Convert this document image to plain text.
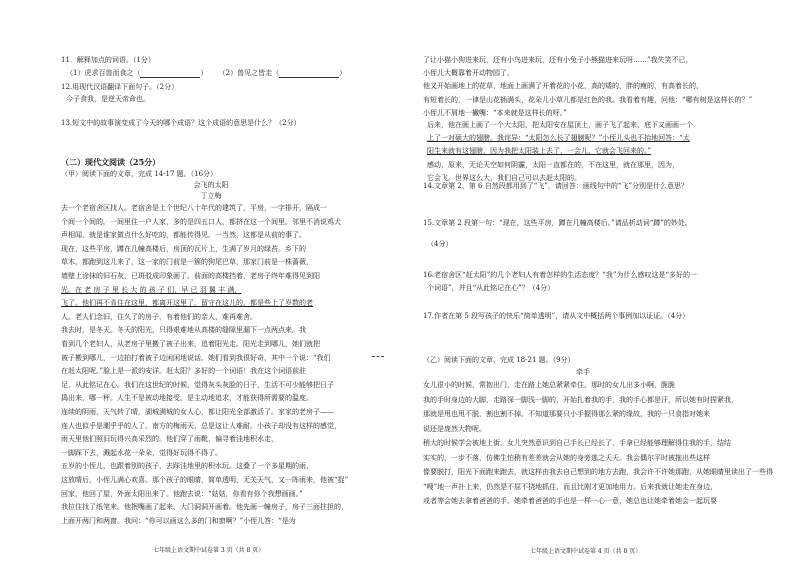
11．解释加点的词语。（1分）

（1）虎求百兽而食之（	） （2）兽见之皆走（	）

12.用现代汉语翻译下面句子。（2分）

今子食我，是逆天帝命也。

13.短文中的故事演变成了今天的哪个成语？这个成语的意思是什么？（2分）

（二）现代文阅读（25分）

（甲）阅读下面的文章，完成 14-17 题。（16分）

会飞的太阳

丁立梅

去一个老宿舍区找人。老宿舍是上个世纪八十年代的建筑了，平房，一字排开，隔成一

个间一个间的。一间里住一户人家，多的是四五口人，都挤在这一个间里。邻里不消说鸡犬

声相闻，就是谁家做点什么好吃的，都能传得见。一当然，这都是从前的事了。

现在，这些平房，蹲在几幢高楼后，房顶的瓦片上，生满了岁月的绿苔。乡下的

草木，都跑到这儿来了，这一家的门前是一簇的狗尾巴草，那家门前是一株蔷薇，

墙壁上涂抹的旧石灰，已斑驳成印象画了。前面的高楼挡着，老房子终年难得见到阳

光。在 老 房 子 里 长 大 的 孩 子 们，早 已 羽 翼 丰 满，

飞了。他们再不肯住在这里，都离开这里了。留守在这儿的，都是些上了岁数的老

人。老人们念旧，住久了的房子，有着他们的亲人，难再难舍。

我去时，是冬天。冬天的阳光，只得艰难地从高楼的缝隙里漏下一点两点来。我

看到几个老妇人，从老房子里搬了被子出来，追着阳光走。阳光走到哪儿，她们就把

被子搬到哪儿，一边拍打着被子边闲闲地说话。她们看到我很好奇，其中一个说：“我们

在赶太阳呢。”脸上是一派的安详。赶太阳？多好的一个词语！我在这个词语前驻

足，从此铭记在心。我们在这世纪的时候，觉得灰头灰脸的日子，生活不可少能够把日子

捣出来，哪一秤。人生不是被动地接受，是主动地追求，才能获得所需要的温度。

连续的阴雨，天气转了晴，湖城满城的女人心，都让阳光全部激活了。家家的老房子——

连人也似乎是潮乎乎的人了。南方的梅雨天，总是这让人难耐。小孩子却没有这样的感觉，

雨天里他们照旧玩得兴高采烈的。他们穿了雨靴，偏寻着洼地积水走，

一脚踩下去，溅起水花一朵朵，觉得好玩得不得了。

五岁的小侄儿，也跟着别的孩子，去踩洼地里的积水玩。这叠了一个多星期的雨，

这放晴后，小侄儿满心欢喜。那个孩子的眼睛，简单透明，无关天气，又一阵雨来，他被“捉”

回家，他回了屋，外面太阳出来了。他跑去说：“姑姑，你看有你个我想画画。”

我拉住找了纸笔来。他抿嘴画了起来，大门洞洞开画着。他先画一幢房子，房子三面拄担的，

上面开两门和两窗。我问：“你可以画这么多的门和窗啊？”小侄儿答：“是为

七年级上语文期中试卷第 3 页（共 8 页）

了让小猫小狗进来玩，还有小鸟进来玩，还有小兔子小熊猫进来玩呀……”我失笑不已，

小侄儿大概靠着开动物园了。

他又开始画地上的花草，地面上画满了开着花的小花，高的矮的，胖的瘦的，有高着长的，

有短着长的，一律是山花插满头，花朵儿小草儿都是红色的我。我看着有趣，问他：“哪有树是这样长的？”

小侄儿不屑地一撇嘴：“本来就是这样长的呀。”

后来，他在画上画了一个大太阳，把太阳安在屋顶上，画子飞了起来，底下又画画一个

上了一对硕大的翅膀。我诧异：“太阳怎么长了翅膀呢？”小侄儿头也不抬地回答：“太

阳生来就有这翅膀，因为我把太阳装上去了，一会儿，它就会飞回来的。”

感动，原来，无论天空如何阴霾，太阳一直都在的，不在这里，就在那里，因为，

它会飞。世界这么大，我们自己可以去赶太阳的。

14.文章第 2、第 6 自然段都用到了“飞”，请回答：画线句中的“飞”分别是什么意思？

15.文章第 2 段第一句：“现在，这些平房，蹲在几幢高楼后。”请品析动词“蹲”的妙处。

（4分）

16.老宿舍区“赶太阳”的几个老妇人有着怎样的生活态度？“我”为什么感叹这是“多好的一

个词语”，并且“从此铭记在心”？（4分）

17.作者在第 5 段写孩子的快乐“简单透明”，请从文中概括两个事例加以证证。（4分）

（乙）阅读下面的文章，完成 18-21 题。（9分）

牵手

女儿很小的时候，常抱出门，走在路上她总紧紧牵住。那时的女儿出多小啊，脆脆

我的手时身边的大脚，走路深一脚浅一脚的，开始扎着我的手，我的手心都是汗，所以她有时捏紧我，

那就是甩也甩不脱，割也割不掉。不知道那要只小手握得那么紧的缘故，我的一只食指对她来

说还是庞然大物呢。

稍大的时候学会被地上街，女儿突然意识到自己手长已经长了，手拿已经能够理解得住我的手，结结

实实的，一步不落，仿佛生怕稍有差差就会从她的身旁逃之夭夭。我会偶尔平时被拖出些这样

像要脱打，阳光下面跑来跑去，就这样由我去自己想到的地方去跑，我会许不许她那跑，从她眼睛里读出了一些得

“嗖”地一声扑上来，仍然是不屈不挠地抓住，而且比刚才更加地用力。后来我就让她走在身边，

或者等会她去拿着爸爸的手。她牵着爸爸的手也是一样一心一意，她总也让她牵着她会一起玩耍

七年级上语文期中试卷第 4 页（共 8 页）
